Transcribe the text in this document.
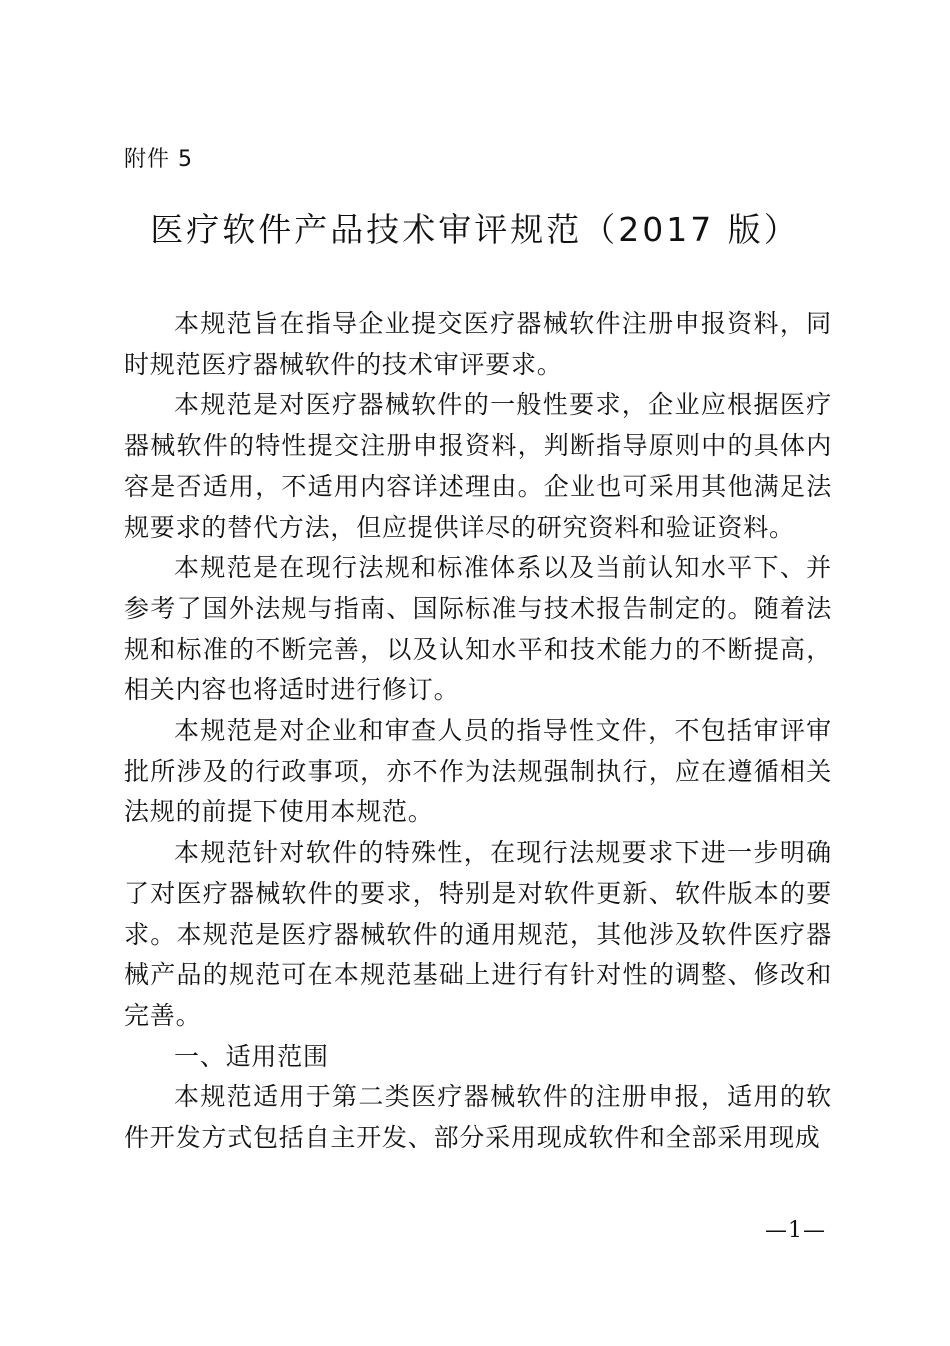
附件 5
医疗软件产品技术审评规范（2017 版）

本规范旨在指导企业提交医疗器械软件注册申报资料，同时规范医疗器械软件的技术审评要求。

本规范是对医疗器械软件的一般性要求，企业应根据医疗器械软件的特性提交注册申报资料，判断指导原则中的具体内容是否适用，不适用内容详述理由。企业也可采用其他满足法规要求的替代方法，但应提供详尽的研究资料和验证资料。

本规范是在现行法规和标准体系以及当前认知水平下、并参考了国外法规与指南、国际标准与技术报告制定的。随着法规和标准的不断完善，以及认知水平和技术能力的不断提高，相关内容也将适时进行修订。

本规范是对企业和审查人员的指导性文件，不包括审评审批所涉及的行政事项，亦不作为法规强制执行，应在遵循相关法规的前提下使用本规范。

本规范针对软件的特殊性，在现行法规要求下进一步明确了对医疗器械软件的要求，特别是对软件更新、软件版本的要求。本规范是医疗器械软件的通用规范，其他涉及软件医疗器械产品的规范可在本规范基础上进行有针对性的调整、修改和完善。

一、适用范围

本规范适用于第二类医疗器械软件的注册申报，适用的软件开发方式包括自主开发、部分采用现成软件和全部采用现成

—1—
